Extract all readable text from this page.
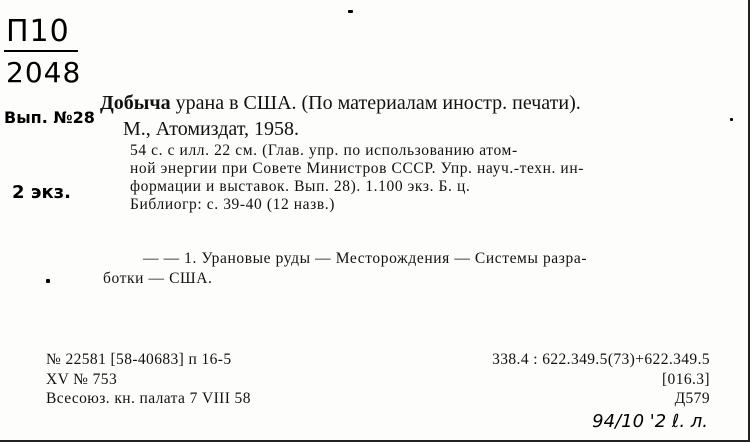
П10
2048
Вып. №28
2 экз.
Добыча урана в США. (По материалам иностр. печати).
М., Атомиздат, 1958.
54 с. с илл. 22 см. (Глав. упр. по использованию атом-
ной энергии при Совете Министров СССР. Упр. науч.-техн. ин-
формации и выставок. Вып. 28). 1.100 экз. Б. ц.
Библиогр: с. 39-40 (12 назв.)
— — 1. Урановые руды — Месторождения — Системы разра-
ботки — США.
№ 22581 [58-40683] п 16-5
XV № 753
Всесоюз. кн. палата 7 VIII 58
338.4 : 622.349.5(73)+622.349.5
[016.3]
Д579
94/10 '2 ℓ. л.
